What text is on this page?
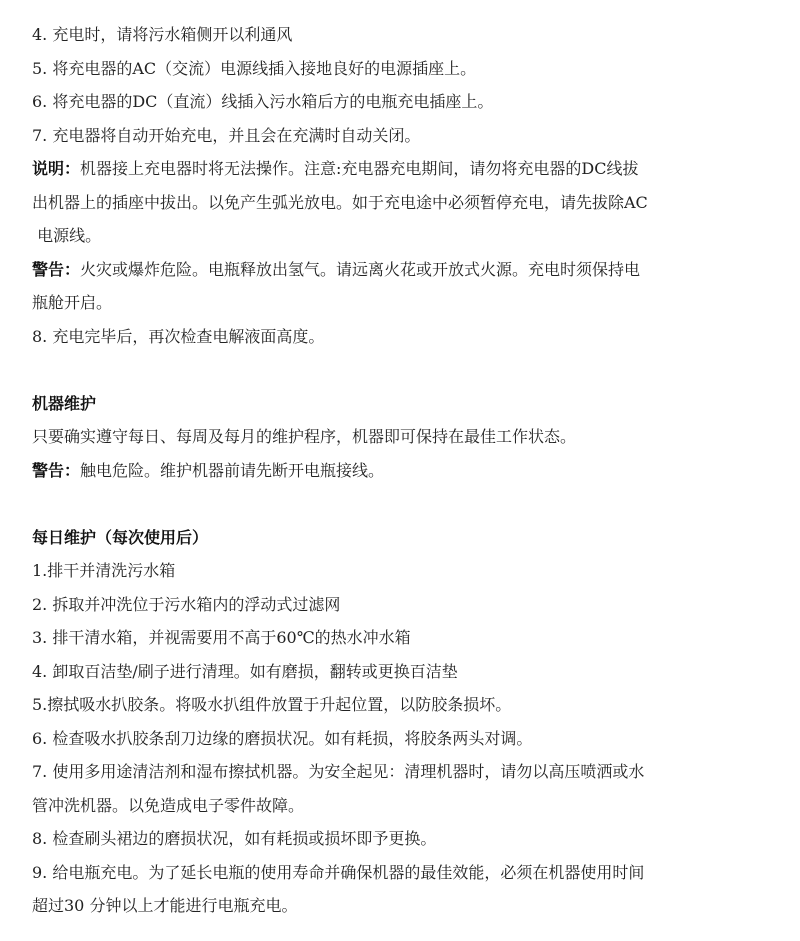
4. 充电时，请将污水箱侧开以利通风
5. 将充电器的AC（交流）电源线插入接地良好的电源插座上。
6. 将充电器的DC（直流）线插入污水箱后方的电瓶充电插座上。
7. 充电器将自动开始充电，并且会在充满时自动关闭。
说明：机器接上充电器时将无法操作。注意:充电器充电期间，请勿将充电器的DC线拔
出机器上的插座中拔出。以免产生弧光放电。如于充电途中必须暂停充电，请先拔除AC
电源线。
警告：火灾或爆炸危险。电瓶释放出氢气。请远离火花或开放式火源。充电时须保持电
瓶舱开启。
8. 充电完毕后，再次检查电解液面高度。
机器维护
只要确实遵守每日、每周及每月的维护程序，机器即可保持在最佳工作状态。
警告：触电危险。维护机器前请先断开电瓶接线。
每日维护（每次使用后）
1.排干并清洗污水箱
2. 拆取并冲洗位于污水箱内的浮动式过滤网
3. 排干清水箱，并视需要用不高于60℃的热水冲水箱
4. 卸取百洁垫/刷子进行清理。如有磨损，翻转或更换百洁垫
5.擦拭吸水扒胶条。将吸水扒组件放置于升起位置，以防胶条损坏。
6. 检查吸水扒胶条刮刀边缘的磨损状况。如有耗损，将胶条两头对调。
7. 使用多用途清洁剂和湿布擦拭机器。为安全起见：清理机器时，请勿以高压喷洒或水
管冲洗机器。以免造成电子零件故障。
8. 检查刷头裙边的磨损状况，如有耗损或损坏即予更换。
9. 给电瓶充电。为了延长电瓶的使用寿命并确保机器的最佳效能，必须在机器使用时间
超过30 分钟以上才能进行电瓶充电。
